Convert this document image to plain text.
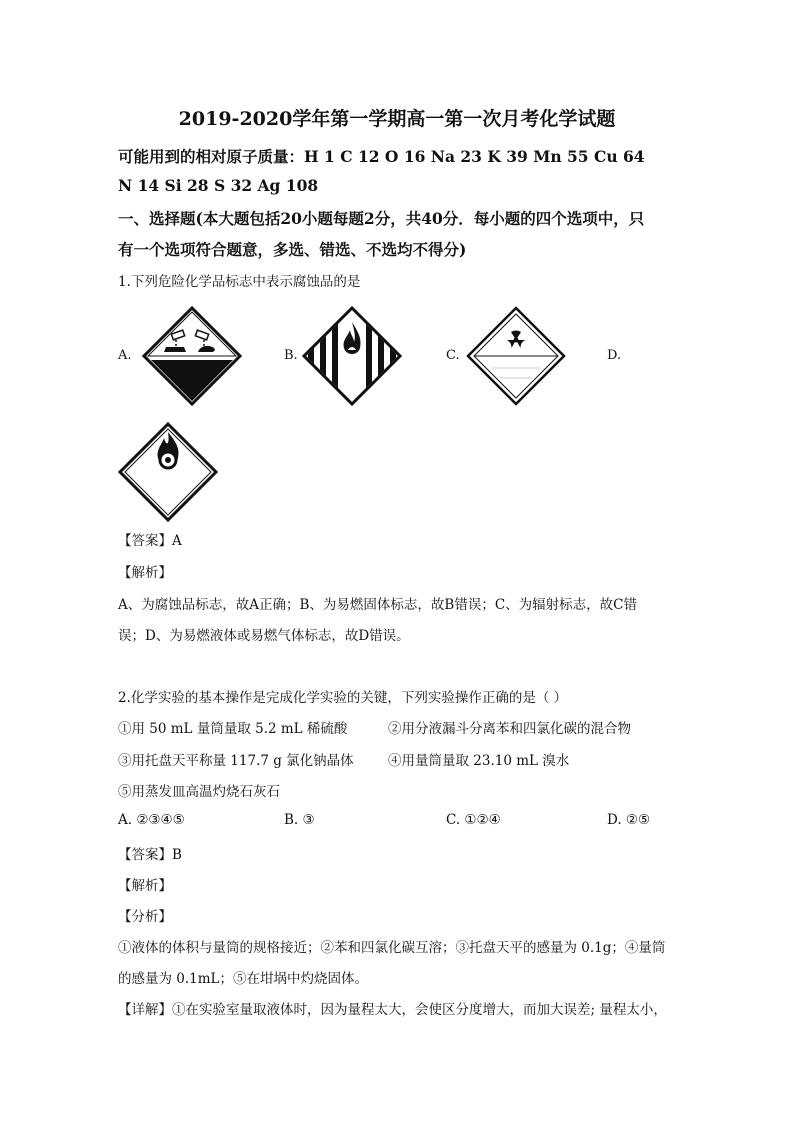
2019-2020学年第一学期高一第一次月考化学试题
可能用到的相对原子质量：H 1 C 12 O 16 Na 23 K 39 Mn 55 Cu 64
N 14 Si 28 S 32 Ag 108
一、选择题(本大题包括20小题每题2分，共40分．每小题的四个选项中，只
有一个选项符合题意，多选、错选、不选均不得分)
1.下列危险化学品标志中表示腐蚀品的是
A.	B.	C.	D.
【答案】A
【解析】
A、为腐蚀品标志，故A正确；B、为易燃固体标志，故B错误；C、为辐射标志，故C错
误；D、为易燃液体或易燃气体标志，故D错误。
2.化学实验的基本操作是完成化学实验的关键，下列实验操作正确的是（ ）
①用 50 mL 量筒量取 5.2 mL 稀硫酸	②用分液漏斗分离苯和四氯化碳的混合物
③用托盘天平称量 117.7 g 氯化钠晶体	④用量筒量取 23.10 mL 溴水
⑤用蒸发皿高温灼烧石灰石
A. ②③④⑤	B. ③	C. ①②④	D. ②⑤
【答案】B
【解析】
【分析】
①液体的体积与量筒的规格接近；②苯和四氯化碳互溶；③托盘天平的感量为 0.1g；④量筒
的感量为 0.1mL；⑤在坩埚中灼烧固体。
【详解】①在实验室量取液体时，因为量程太大，会使区分度增大，而加大误差; 量程太小，
